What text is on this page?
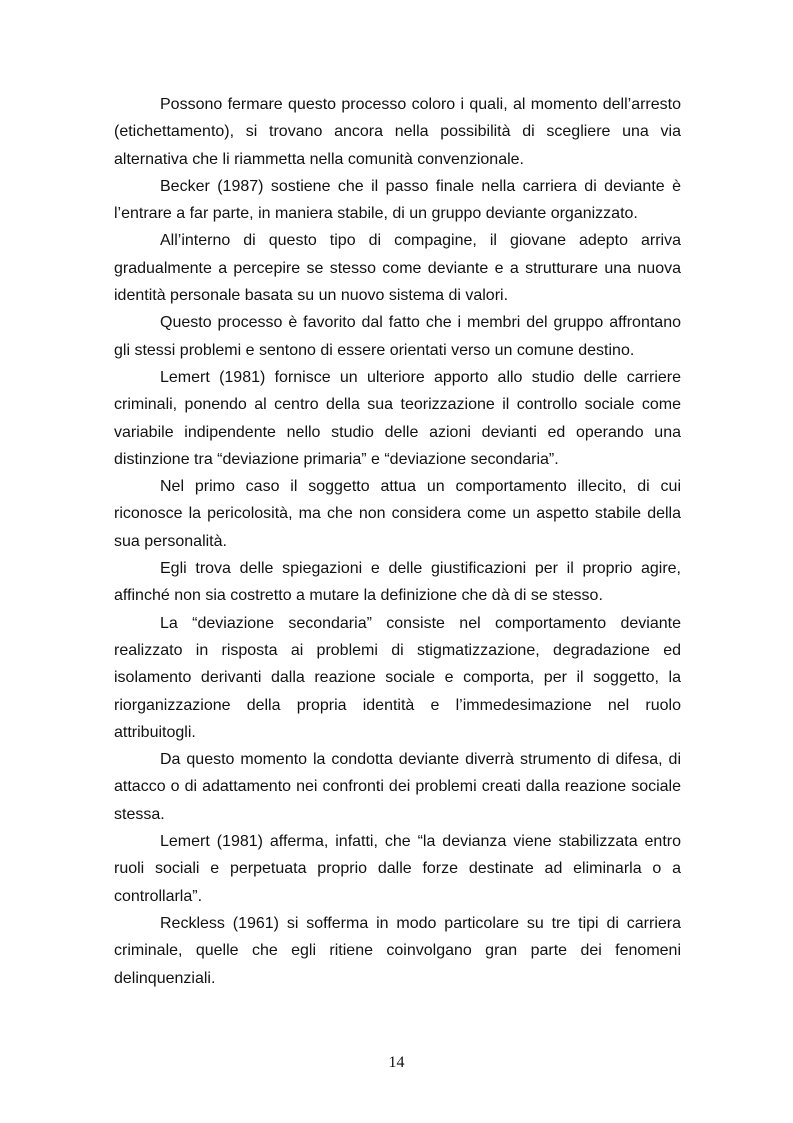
Possono fermare questo processo coloro i quali, al momento dell’arresto (etichettamento), si trovano ancora nella possibilità di scegliere una via alternativa che li riammetta nella comunità convenzionale.

Becker (1987) sostiene che il passo finale nella carriera di deviante è l’entrare a far parte, in maniera stabile, di un gruppo deviante organizzato.

All’interno di questo tipo di compagine, il giovane adepto arriva gradualmente a percepire se stesso come deviante e a strutturare una nuova identità personale basata su un nuovo sistema di valori.

Questo processo è favorito dal fatto che i membri del gruppo affrontano gli stessi problemi e sentono di essere orientati verso un comune destino.

Lemert (1981) fornisce un ulteriore apporto allo studio delle carriere criminali, ponendo al centro della sua teorizzazione il controllo sociale come variabile indipendente nello studio delle azioni devianti ed operando una distinzione tra “deviazione primaria” e “deviazione secondaria”.

Nel primo caso il soggetto attua un comportamento illecito, di cui riconosce la pericolosità, ma che non considera come un aspetto stabile della sua personalità.

Egli trova delle spiegazioni e delle giustificazioni per il proprio agire, affinché non sia costretto a mutare la definizione che dà di se stesso.

La “deviazione secondaria” consiste nel comportamento deviante realizzato in risposta ai problemi di stigmatizzazione, degradazione ed isolamento derivanti dalla reazione sociale e comporta, per il soggetto, la riorganizzazione della propria identità e l’immedesimazione nel ruolo attribuitogli.

Da questo momento la condotta deviante diverrà strumento di difesa, di attacco o di adattamento nei confronti dei problemi creati dalla reazione sociale stessa.

Lemert (1981) afferma, infatti, che “la devianza viene stabilizzata entro ruoli sociali e perpetuata proprio dalle forze destinate ad eliminarla o a controllarla”.

Reckless (1961) si sofferma in modo particolare su tre tipi di carriera criminale, quelle che egli ritiene coinvolgano gran parte dei fenomeni delinquenziali.

14
